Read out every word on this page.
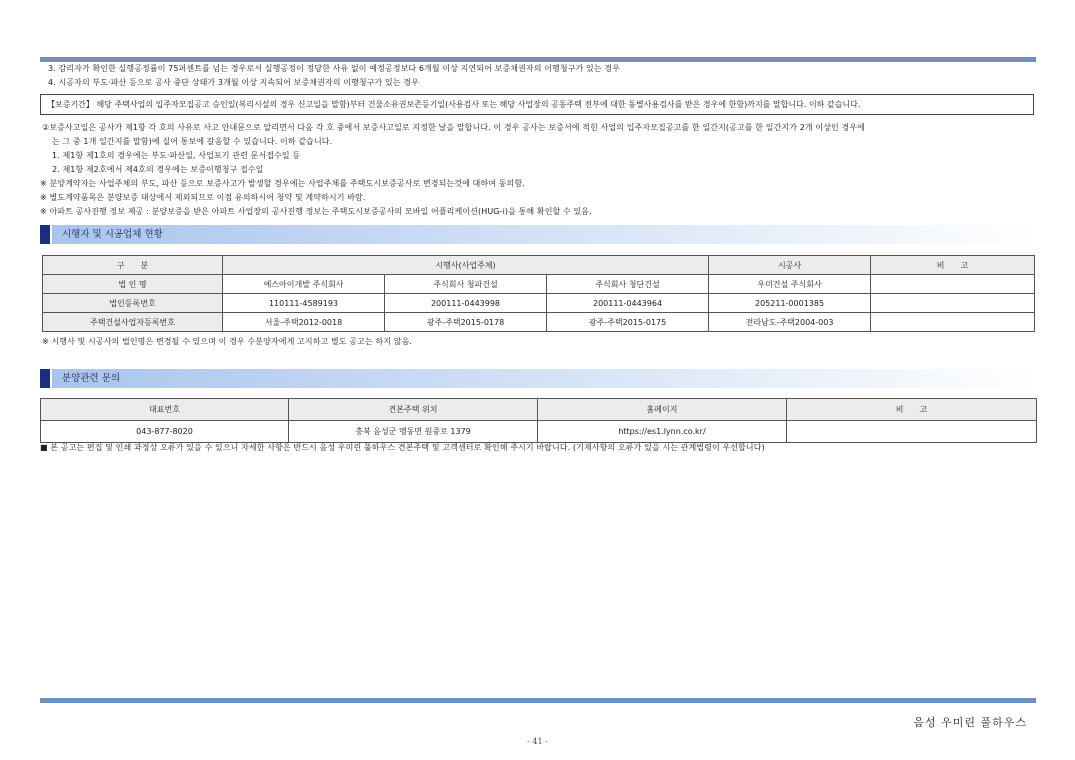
3. 감리자가 확인한 실행공정률이 75퍼센트를 넘는 경우로서 실행공정이 정당한 사유 없이 예정공정보다 6개월 이상 지연되어 보증채권자의 이행청구가 있는 경우
4. 시공자의 부도·파산 등으로 공사 중단 상태가 3개월 이상 지속되어 보증채권자의 이행청구가 있는 경우
【보증기간】 해당 주택사업의 입주자모집공고 승인일(복리시설의 경우 신고일을 말함)부터 건물소유권보존등기일(사용검사 또는 해당 사업장의 공동주택 전부에 대한 동별사용검사를 받은 경우에 한함)까지를 말합니다. 이하 같습니다.
②보증사고일은 공사가 제1항 각 호의 사유로 사고 안내문으로 알리면서 다음 각 호 중에서 보증사고일로 지정한 날을 말합니다. 이 경우 공사는 보증서에 적힌 사업의 입주자모집공고를 한 일간지(공고를 한 일간지가 2개 이상인 경우에
는 그 중 1개 일간지를 말함)에 실어 통보에 갈음할 수 있습니다. 이하 같습니다.
1. 제1항 제1호의 경우에는 부도·파산일, 사업포기 관련 문서접수일 등
2. 제1항 제2호에서 제4호의 경우에는 보증이행청구 접수일
※ 분양계약자는 사업주체의 부도, 파산 등으로 보증사고가 발생할 경우에는 사업주체를 주택도시보증공사로 변경되는것에 대하여 동의함.
※ 별도계약품목은 분양보증 대상에서 제외되므로 이점 유의하시어 청약 및 계약하시기 바람.
※ 아파트 공사진행 정보 제공 : 분양보증을 받은 아파트 사업장의 공사진행 정보는 주택도시보증공사의 모바일 어플리케이션(HUG-i)을 통해 확인할 수 있음.
시행자 및 시공업체 현황
구　　분	시행사(사업주체)			시공사	비　　고
법 인 명	에스아이개발 주식회사	주식회사 청파건설	주식회사 청단건설	우미건설 주식회사	
법인등록번호	110111-4589193	200111-0443998	200111-0443964	205211-0001385	
주택건설사업자등록번호	서울-주택2012-0018	광주-주택2015-0178	광주-주택2015-0175	전라남도-주택2004-003	
※ 시행사 및 시공사의 법인명은 변경될 수 있으며 이 경우 수분양자에게 고지하고 별도 공고는 하지 않음.
분양관련 문의
대표번호	견본주택 위치	홈페이지	비　　고
043-877-8020	충북 음성군 맹동면 원중로 1379	https://es1.lynn.co.kr/	
■ 본 공고는 편집 및 인쇄 과정상 오류가 있을 수 있으니 자세한 사항은 반드시 음성 우미린 풀하우스 견본주택 및 고객센터로 확인해 주시기 바랍니다. (기재사항의 오류가 있을 시는 관계법령이 우선합니다)
음성 우미린 풀하우스
- 41 -
